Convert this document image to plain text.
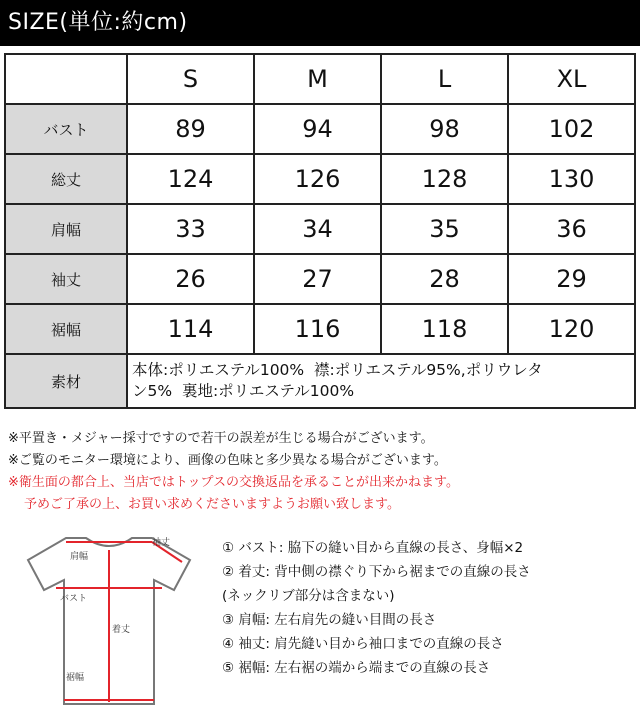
SIZE(単位:約cm)
	S	M	L	XL
バスト	89	94	98	102
総丈	124	126	128	130
肩幅	33	34	35	36
袖丈	26	27	28	29
裾幅	114	116	118	120
素材	本体:ポリエステル100%  襟:ポリエステル95%,ポリウレタ
ン5%  裏地:ポリエステル100%			
※平置き・メジャー採寸ですので若干の誤差が生じる場合がございます。
※ご覧のモニター環境により、画像の色味と多少異なる場合がございます。
※衛生面の都合上、当店ではトップスの交換返品を承ることが出来かねます。
予めご了承の上、お買い求めくださいますようお願い致します。
肩幅
袖丈
バスト
着丈
裾幅
① バスト: 脇下の縫い目から直線の長さ、身幅×2
② 着丈: 背中側の襟ぐり下から裾までの直線の長さ
(ネックリブ部分は含まない)
③ 肩幅: 左右肩先の縫い目間の長さ
④ 袖丈: 肩先縫い目から袖口までの直線の長さ
⑤ 裾幅: 左右裾の端から端までの直線の長さ
